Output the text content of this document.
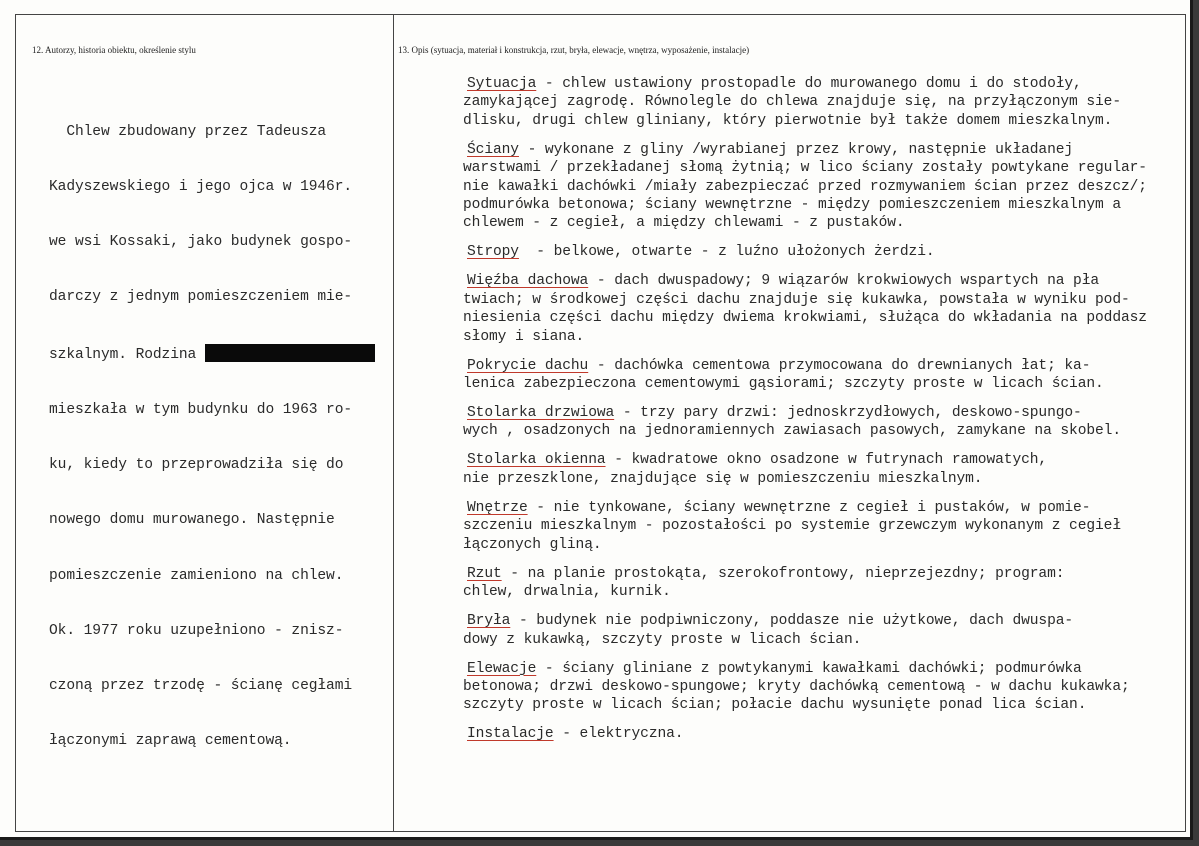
12. Autorzy, historia obiektu, określenie stylu	13. Opis (sytuacja, materiał i konstrukcja, rzut, bryła, elewacje, wnętrza, wyposażenie, instalacje)

Chlew zbudowany przez Tadeusza

Kadyszewskiego i jego ojca w 1946r.

we wsi Kossaki, jako budynek gospo-

darczy z jednym pomieszczeniem mie-

szkalnym. Rodzina

mieszkała w tym budynku do 1963 ro-

ku, kiedy to przeprowadziła się do

nowego domu murowanego. Następnie

pomieszczenie zamieniono na chlew.

Ok. 1977 roku uzupełniono - znisz-

czoną przez trzodę - ścianę cegłami

łączonymi zaprawą cementową.

Sytuacja - chlew ustawiony prostopadle do murowanego domu i do stodoły,
zamykającej zagrodę. Równolegle do chlewa znajduje się, na przyłączonym sie-
dlisku, drugi chlew gliniany, który pierwotnie był także domem mieszkalnym.
Ściany - wykonane z gliny /wyrabianej przez krowy, następnie układanej
warstwami / przekładanej słomą żytnią; w lico ściany zostały powtykane regular-
nie kawałki dachówki /miały zabezpieczać przed rozmywaniem ścian przez deszcz/;
podmurówka betonowa; ściany wewnętrzne - między pomieszczeniem mieszkalnym a
chlewem - z cegieł, a między chlewami - z pustaków.
Stropy  - belkowe, otwarte - z luźno ułożonych żerdzi.
Więźba dachowa - dach dwuspadowy; 9 wiązarów krokwiowych wspartych na pła
twiach; w środkowej części dachu znajduje się kukawka, powstała w wyniku pod-
niesienia części dachu między dwiema krokwiami, służąca do wkładania na poddasz
słomy i siana.
Pokrycie dachu - dachówka cementowa przymocowana do drewnianych łat; ka-
lenica zabezpieczona cementowymi gąsiorami; szczyty proste w licach ścian.
Stolarka drzwiowa - trzy pary drzwi: jednoskrzydłowych, deskowo-spungo-
wych , osadzonych na jednoramiennych zawiasach pasowych, zamykane na skobel.
Stolarka okienna - kwadratowe okno osadzone w futrynach ramowatych,
nie przeszklone, znajdujące się w pomieszczeniu mieszkalnym.
Wnętrze - nie tynkowane, ściany wewnętrzne z cegieł i pustaków, w pomie-
szczeniu mieszkalnym - pozostałości po systemie grzewczym wykonanym z cegieł
łączonych gliną.
Rzut - na planie prostokąta, szerokofrontowy, nieprzejezdny; program:
chlew, drwalnia, kurnik.
Bryła - budynek nie podpiwniczony, poddasze nie użytkowe, dach dwuspa-
dowy z kukawką, szczyty proste w licach ścian.
Elewacje - ściany gliniane z powtykanymi kawałkami dachówki; podmurówka
betonowa; drzwi deskowo-spungowe; kryty dachówką cementową - w dachu kukawka;
szczyty proste w licach ścian; połacie dachu wysunięte ponad lica ścian.
Instalacje - elektryczna.
